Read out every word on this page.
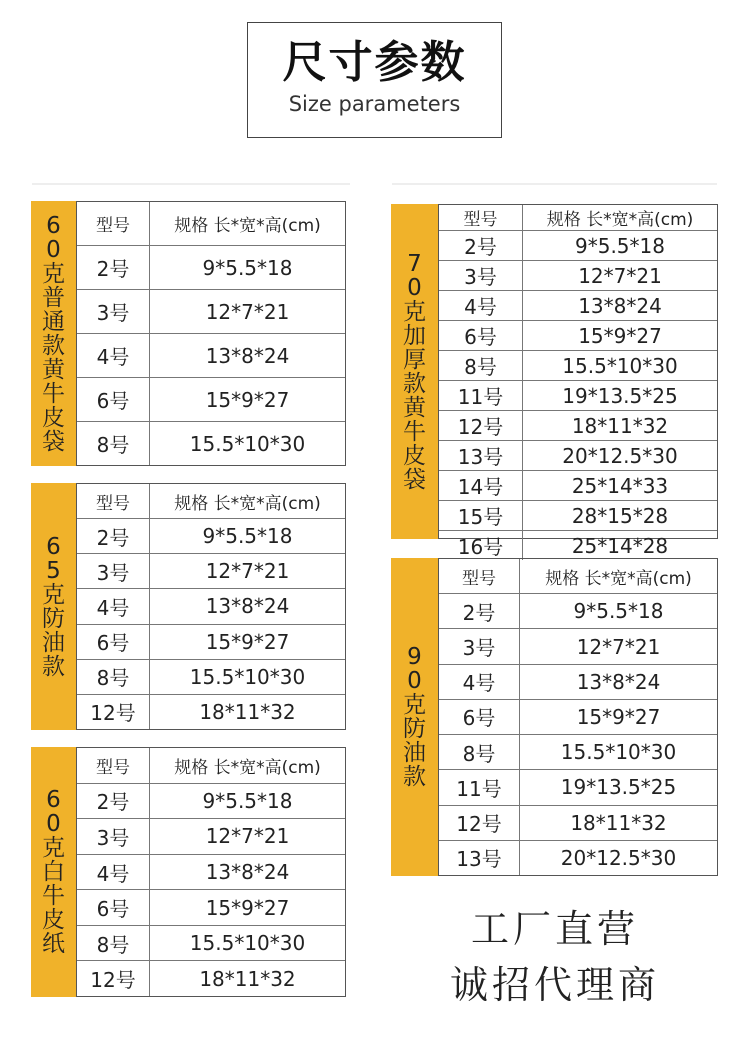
尺寸参数
Size parameters
60克普通款黄牛皮袋
型号	规格 长*宽*高(cm)
2号	9*5.5*18
3号	12*7*21
4号	13*8*24
6号	15*9*27
8号	15.5*10*30
65克防油款
型号	规格 长*宽*高(cm)
2号	9*5.5*18
3号	12*7*21
4号	13*8*24
6号	15*9*27
8号	15.5*10*30
12号	18*11*32
60克白牛皮纸
型号	规格 长*宽*高(cm)
2号	9*5.5*18
3号	12*7*21
4号	13*8*24
6号	15*9*27
8号	15.5*10*30
12号	18*11*32
70克加厚款黄牛皮袋
型号	规格 长*宽*高(cm)
2号	9*5.5*18
3号	12*7*21
4号	13*8*24
6号	15*9*27
8号	15.5*10*30
11号	19*13.5*25
12号	18*11*32
13号	20*12.5*30
14号	25*14*33
15号	28*15*28
16号	25*14*28
90克防油款
型号	规格 长*宽*高(cm)
2号	9*5.5*18
3号	12*7*21
4号	13*8*24
6号	15*9*27
8号	15.5*10*30
11号	19*13.5*25
12号	18*11*32
13号	20*12.5*30
工厂直营
诚招代理商
